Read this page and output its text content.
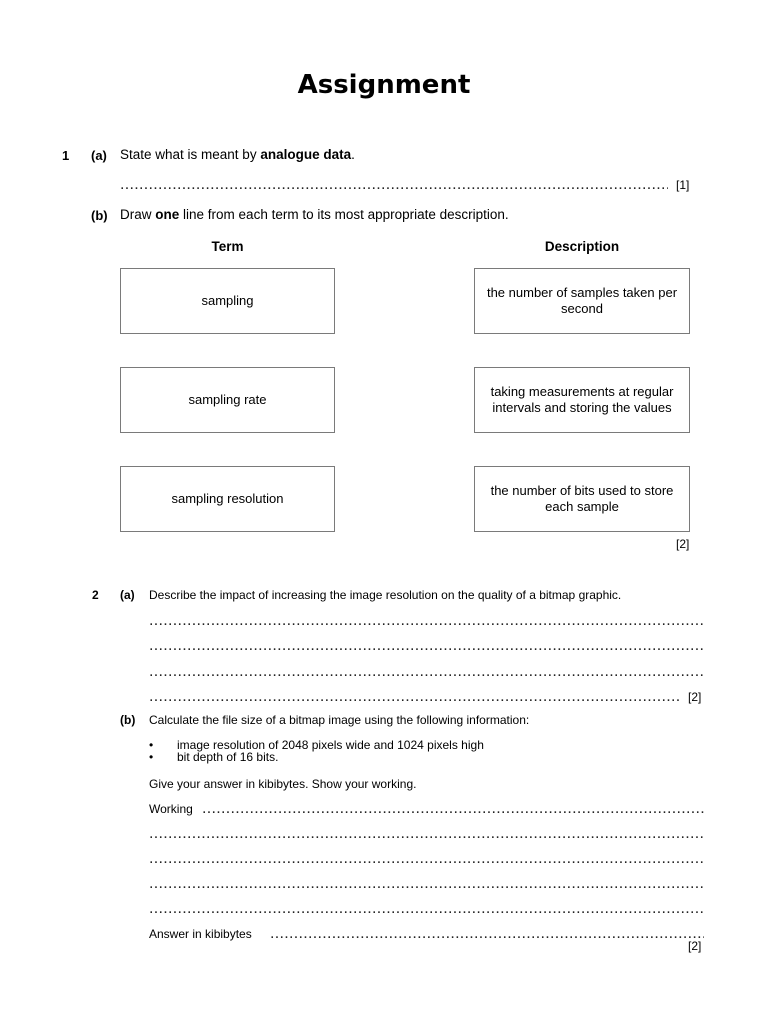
Assignment
1 (a) State what is meant by analogue data.
.....
[1]
(b) Draw one line from each term to its most appropriate description.
Term	Description
sampling
sampling rate
sampling resolution
the number of samples taken per second
taking measurements at regular intervals and storing the values
the number of bits used to store each sample
[2]
2 (a) Describe the impact of increasing the image resolution on the quality of a bitmap graphic.
.....
.....
.....
.....
[2]
(b) Calculate the file size of a bitmap image using the following information:
• image resolution of 2048 pixels wide and 1024 pixels high
• bit depth of 16 bits.
Give your answer in kibibytes. Show your working.
Working
.....
.....
.....
.....
.....
Answer in kibibytes
.....
[2]
